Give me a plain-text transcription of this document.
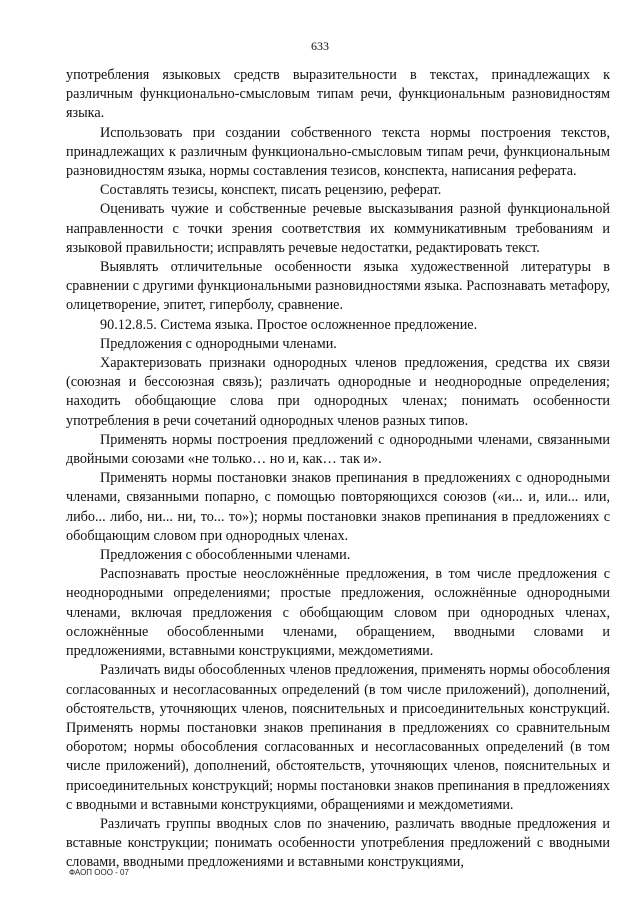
633

употребления языковых средств выразительности в текстах, принадлежащих к различным функционально-смысловым типам речи, функциональным разновидностям языка.

Использовать при создании собственного текста нормы построения текстов, принадлежащих к различным функционально-смысловым типам речи, функциональным разновидностям языка, нормы составления тезисов, конспекта, написания реферата.

Составлять тезисы, конспект, писать рецензию, реферат.

Оценивать чужие и собственные речевые высказывания разной функциональной направленности с точки зрения соответствия их коммуникативным требованиям и языковой правильности; исправлять речевые недостатки, редактировать текст.

Выявлять отличительные особенности языка художественной литературы в сравнении с другими функциональными разновидностями языка. Распознавать метафору, олицетворение, эпитет, гиперболу, сравнение.

90.12.8.5. Система языка. Простое осложненное предложение.

Предложения с однородными членами.

Характеризовать признаки однородных членов предложения, средства их связи (союзная и бессоюзная связь); различать однородные и неоднородные определения; находить обобщающие слова при однородных членах; понимать особенности употребления в речи сочетаний однородных членов разных типов.

Применять нормы построения предложений с однородными членами, связанными двойными союзами «не только… но и, как… так и».

Применять нормы постановки знаков препинания в предложениях с однородными членами, связанными попарно, с помощью повторяющихся союзов («и... и, или... или, либо... либо, ни... ни, то... то»); нормы постановки знаков препинания в предложениях с обобщающим словом при однородных членах.

Предложения с обособленными членами.

Распознавать простые неосложнённые предложения, в том числе предложения с неоднородными определениями; простые предложения, осложнённые однородными членами, включая предложения с обобщающим словом при однородных членах, осложнённые обособленными членами, обращением, вводными словами и предложениями, вставными конструкциями, междометиями.

Различать виды обособленных членов предложения, применять нормы обособления согласованных и несогласованных определений (в том числе приложений), дополнений, обстоятельств, уточняющих членов, пояснительных и присоединительных конструкций. Применять нормы постановки знаков препинания в предложениях со сравнительным оборотом; нормы обособления согласованных и несогласованных определений (в том числе приложений), дополнений, обстоятельств, уточняющих членов, пояснительных и присоединительных конструкций; нормы постановки знаков препинания в предложениях с вводными и вставными конструкциями, обращениями и междометиями.

Различать группы вводных слов по значению, различать вводные предложения и вставные конструкции; понимать особенности употребления предложений с вводными словами, вводными предложениями и вставными конструкциями,

ФАОП ООО - 07
